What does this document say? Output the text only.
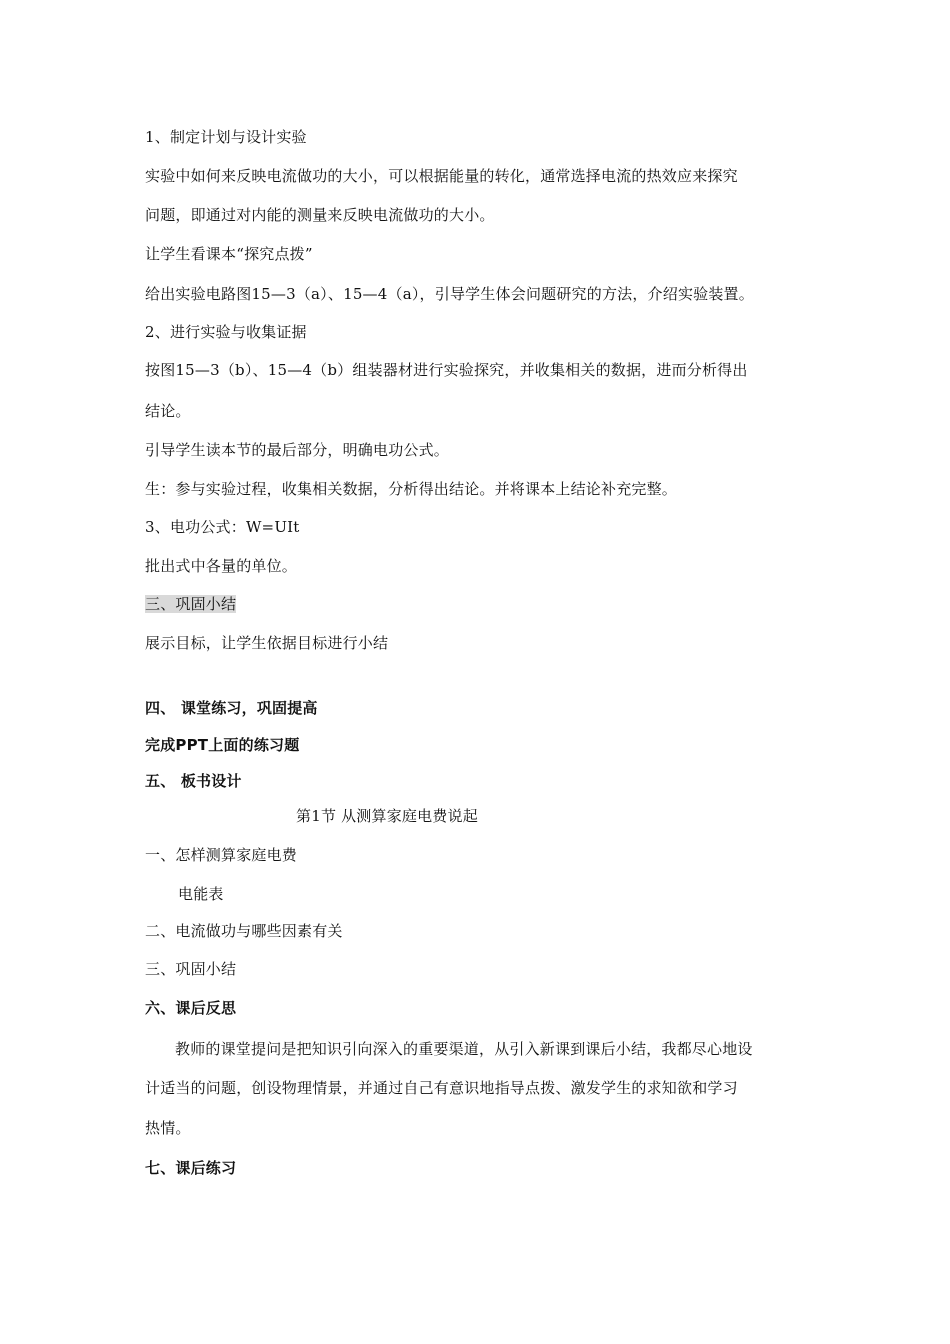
1、制定计划与设计实验
实验中如何来反映电流做功的大小，可以根据能量的转化，通常选择电流的热效应来探究
问题，即通过对内能的测量来反映电流做功的大小。
让学生看课本“探究点拨”
给出实验电路图15—3（a）、15—4（a），引导学生体会问题研究的方法，介绍实验装置。
2、进行实验与收集证据
按图15—3（b）、15—4（b）组装器材进行实验探究，并收集相关的数据，进而分析得出
结论。
引导学生读本节的最后部分，明确电功公式。
生：参与实验过程，收集相关数据，分析得出结论。并将课本上结论补充完整。
3、电功公式：W=UIt
批出式中各量的单位。
三、巩固小结
展示目标，让学生依据目标进行小结
四、 课堂练习，巩固提高
完成PPT上面的练习题
五、 板书设计
第1节 从测算家庭电费说起
一、怎样测算家庭电费
电能表
二、电流做功与哪些因素有关
三、巩固小结
六、课后反思
教师的课堂提问是把知识引向深入的重要渠道，从引入新课到课后小结，我都尽心地设
计适当的问题，创设物理情景，并通过自己有意识地指导点拨、激发学生的求知欲和学习
热情。
七、课后练习
